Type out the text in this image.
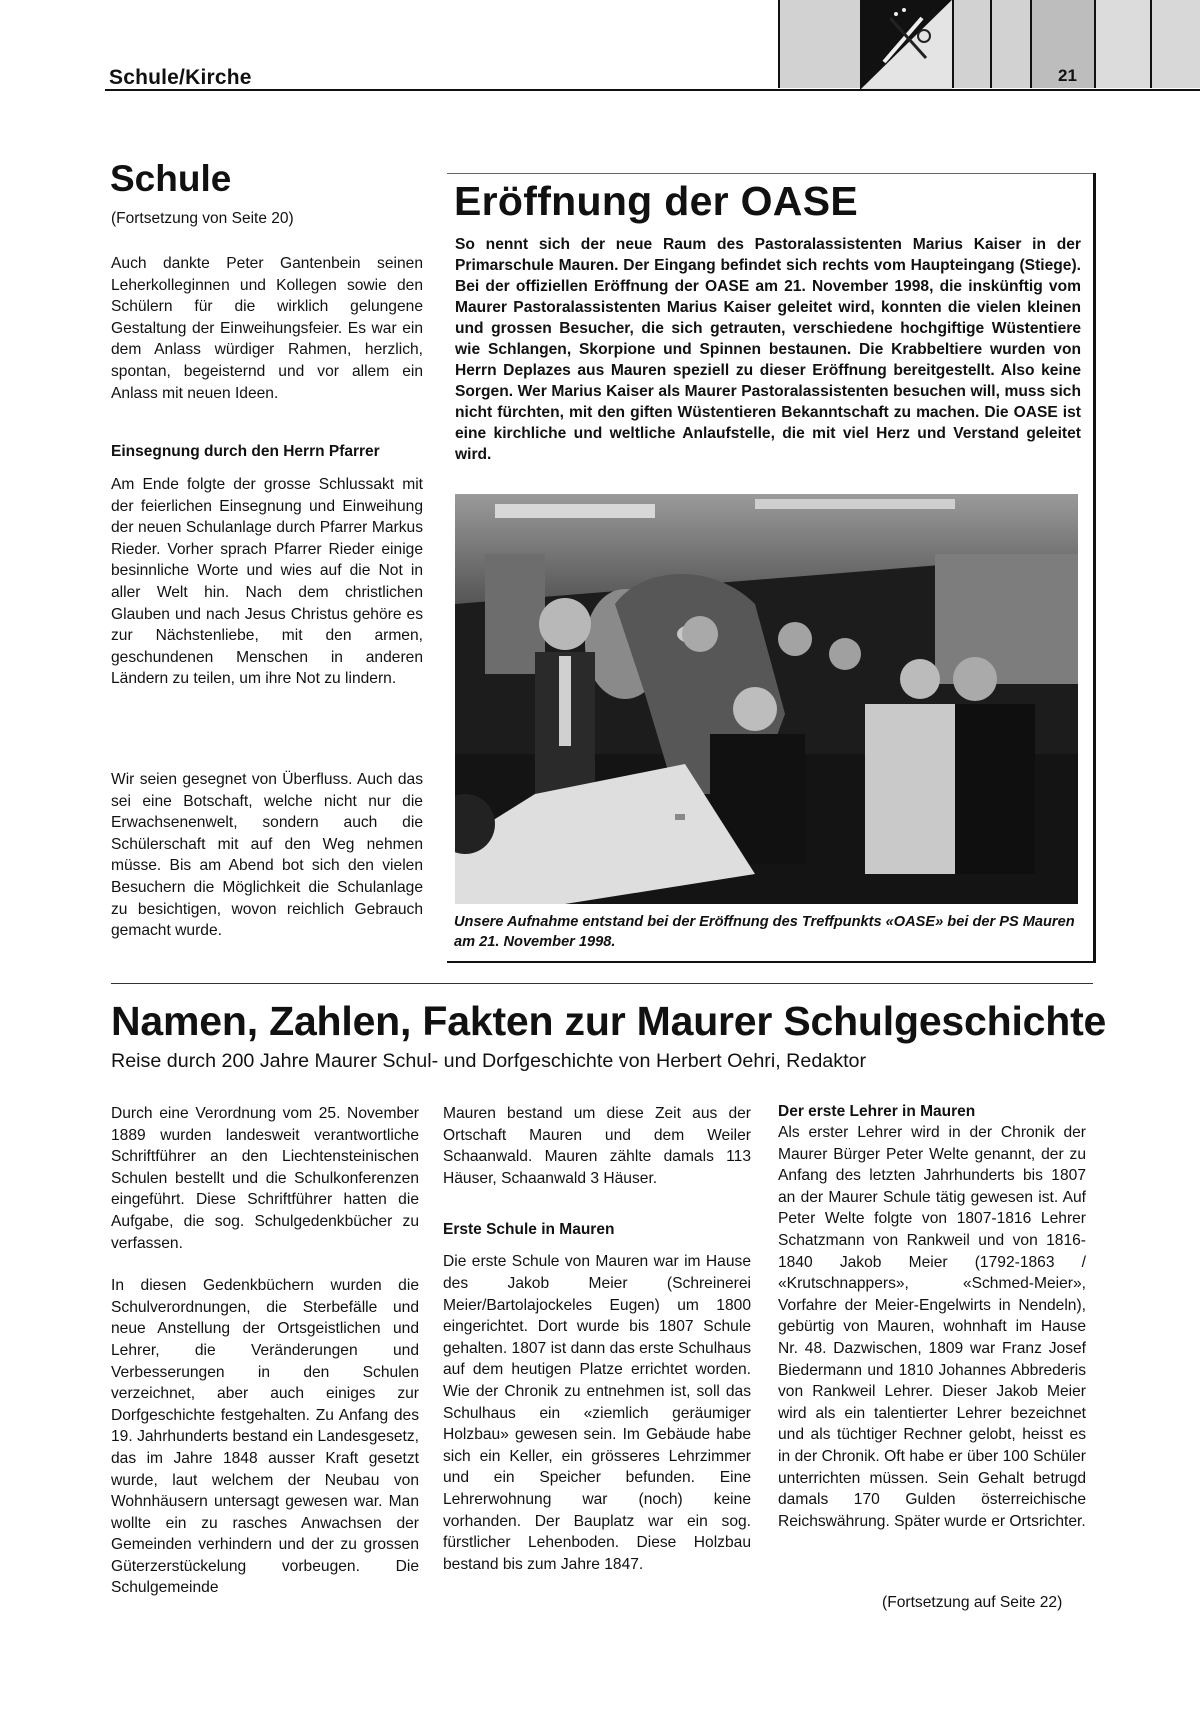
Schule/Kirche	21
Schule
(Fortsetzung von Seite 20)
Auch dankte Peter Gantenbein seinen Leherkolleginnen und Kollegen sowie den Schülern für die wirklich gelungene Gestaltung der Einweihungsfeier. Es war ein dem Anlass würdiger Rahmen, herzlich, spontan, begeisternd und vor allem ein Anlass mit neuen Ideen.
Einsegnung durch den Herrn Pfarrer
Am Ende folgte der grosse Schlussakt mit der feierlichen Einsegnung und Einweihung der neuen Schulanlage durch Pfarrer Markus Rieder. Vorher sprach Pfarrer Rieder einige besinnliche Worte und wies auf die Not in aller Welt hin. Nach dem christlichen Glauben und nach Jesus Christus gehöre es zur Nächstenliebe, mit den armen, geschundenen Menschen in anderen Ländern zu teilen, um ihre Not zu lindern.
Wir seien gesegnet von Überfluss. Auch das sei eine Botschaft, welche nicht nur die Erwachsenenwelt, sondern auch die Schülerschaft mit auf den Weg nehmen müsse. Bis am Abend bot sich den vielen Besuchern die Möglichkeit die Schulanlage zu besichtigen, wovon reichlich Gebrauch gemacht wurde.
Eröffnung der OASE
So nennt sich der neue Raum des Pastoralassistenten Marius Kaiser in der Primarschule Mauren. Der Eingang befindet sich rechts vom Haupteingang (Stiege). Bei der offiziellen Eröffnung der OASE am 21. November 1998, die inskünftig vom Maurer Pastoralassistenten Marius Kaiser geleitet wird, konnten die vielen kleinen und grossen Besucher, die sich getrauten, verschiedene hochgiftige Wüstentiere wie Schlangen, Skorpione und Spinnen bestaunen. Die Krabbeltiere wurden von Herrn Deplazes aus Mauren speziell zu dieser Eröffnung bereitgestellt. Also keine Sorgen. Wer Marius Kaiser als Maurer Pastoralassistenten besuchen will, muss sich nicht fürchten, mit den giften Wüstentieren Bekanntschaft zu machen. Die OASE ist eine kirchliche und weltliche Anlaufstelle, die mit viel Herz und Verstand geleitet wird.
Unsere Aufnahme entstand bei der Eröffnung des Treffpunkts «OASE» bei der PS Mauren am 21. November 1998.
Namen, Zahlen, Fakten zur Maurer Schulgeschichte
Reise durch 200 Jahre Maurer Schul- und Dorfgeschichte von Herbert Oehri, Redaktor
Durch eine Verordnung vom 25. November 1889 wurden landesweit verantwortliche Schriftführer an den Liechtensteinischen Schulen bestellt und die Schulkonferenzen eingeführt. Diese Schriftführer hatten die Aufgabe, die sog. Schulgedenkbücher zu verfassen.
In diesen Gedenkbüchern wurden die Schulverordnungen, die Sterbefälle und neue Anstellung der Ortsgeistlichen und Lehrer, die Veränderungen und Verbesserungen in den Schulen verzeichnet, aber auch einiges zur Dorfgeschichte festgehalten. Zu Anfang des 19. Jahrhunderts bestand ein Landesgesetz, das im Jahre 1848 ausser Kraft gesetzt wurde, laut welchem der Neubau von Wohnhäusern untersagt gewesen war. Man wollte ein zu rasches Anwachsen der Gemeinden verhindern und der zu grossen Güterzerstückelung vorbeugen. Die Schulgemeinde
Mauren bestand um diese Zeit aus der Ortschaft Mauren und dem Weiler Schaanwald. Mauren zählte damals 113 Häuser, Schaanwald 3 Häuser.
Erste Schule in Mauren
Die erste Schule von Mauren war im Hause des Jakob Meier (Schreinerei Meier/Bartolajockeles Eugen) um 1800 eingerichtet. Dort wurde bis 1807 Schule gehalten. 1807 ist dann das erste Schulhaus auf dem heutigen Platze errichtet worden. Wie der Chronik zu entnehmen ist, soll das Schulhaus ein «ziemlich geräumiger Holzbau» gewesen sein. Im Gebäude habe sich ein Keller, ein grösseres Lehrzimmer und ein Speicher befunden. Eine Lehrerwohnung war (noch) keine vorhanden. Der Bauplatz war ein sog. fürstlicher Lehenboden. Diese Holzbau bestand bis zum Jahre 1847.
Der erste Lehrer in Mauren
Als erster Lehrer wird in der Chronik der Maurer Bürger Peter Welte genannt, der zu Anfang des letzten Jahrhunderts bis 1807 an der Maurer Schule tätig gewesen ist. Auf Peter Welte folgte von 1807-1816 Lehrer Schatzmann von Rankweil und von 1816-1840 Jakob Meier (1792-1863 / «Krutschnappers», «Schmed-Meier», Vorfahre der Meier-Engelwirts in Nendeln), gebürtig von Mauren, wohnhaft im Hause Nr. 48. Dazwischen, 1809 war Franz Josef Biedermann und 1810 Johannes Abbrederis von Rankweil Lehrer. Dieser Jakob Meier wird als ein talentierter Lehrer bezeichnet und als tüchtiger Rechner gelobt, heisst es in der Chronik. Oft habe er über 100 Schüler unterrichten müssen. Sein Gehalt betrugd damals 170 Gulden österreichische Reichswährung. Später wurde er Ortsrichter.
(Fortsetzung auf Seite 22)
